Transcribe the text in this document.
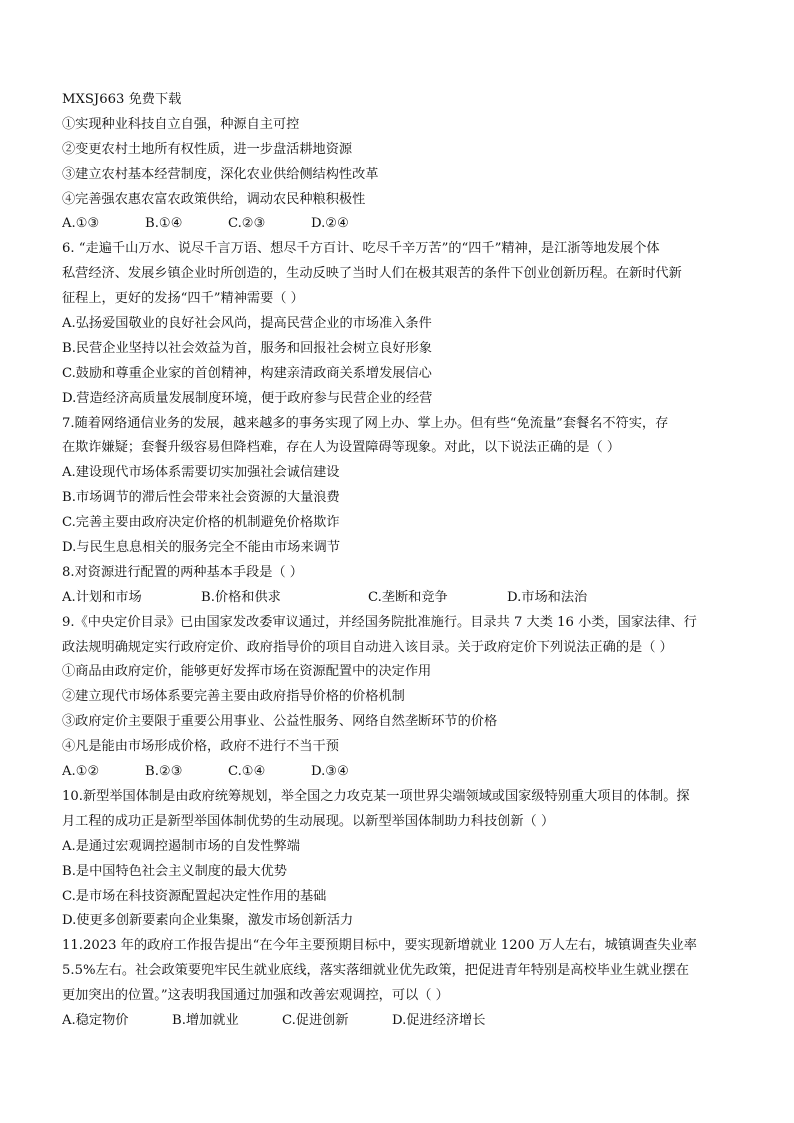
MXSJ663 免费下载
①实现种业科技自立自强，种源自主可控
②变更农村土地所有权性质，进一步盘活耕地资源
③建立农村基本经营制度，深化农业供给侧结构性改革
④完善强农惠农富农政策供给，调动农民种粮积极性
A.①③	B.①④	C.②③	D.②④
6. “走遍千山万水、说尽千言万语、想尽千方百计、吃尽千辛万苦”的“四千”精神，是江浙等地发展个体
私营经济、发展乡镇企业时所创造的，生动反映了当时人们在极其艰苦的条件下创业创新历程。在新时代新
征程上，更好的发扬“四千”精神需要（ ）
A.弘扬爱国敬业的良好社会风尚，提高民营企业的市场准入条件
B.民营企业坚持以社会效益为首，服务和回报社会树立良好形象
C.鼓励和尊重企业家的首创精神，构建亲清政商关系增发展信心
D.营造经济高质量发展制度环境，便于政府参与民营企业的经营
7.随着网络通信业务的发展，越来越多的事务实现了网上办、掌上办。但有些“免流量”套餐名不符实，存
在欺诈嫌疑；套餐升级容易但降档难，存在人为设置障碍等现象。对此，以下说法正确的是（ ）
A.建设现代市场体系需要切实加强社会诚信建设
B.市场调节的滞后性会带来社会资源的大量浪费
C.完善主要由政府决定价格的机制避免价格欺诈
D.与民生息息相关的服务完全不能由市场来调节
8.对资源进行配置的两种基本手段是（ ）
A.计划和市场	B.价格和供求	C.垄断和竞争	D.市场和法治
9.《中央定价目录》已由国家发改委审议通过，并经国务院批准施行。目录共 7 大类 16 小类，国家法律、行
政法规明确规定实行政府定价、政府指导价的项目自动进入该目录。关于政府定价下列说法正确的是（ ）
①商品由政府定价，能够更好发挥市场在资源配置中的决定作用
②建立现代市场体系要完善主要由政府指导价格的价格机制
③政府定价主要限于重要公用事业、公益性服务、网络自然垄断环节的价格
④凡是能由市场形成价格，政府不进行不当干预
A.①②	B.②③	C.①④	D.③④
10.新型举国体制是由政府统筹规划，举全国之力攻克某一项世界尖端领域或国家级特别重大项目的体制。探
月工程的成功正是新型举国体制优势的生动展现。以新型举国体制助力科技创新（ ）
A.是通过宏观调控遏制市场的自发性弊端
B.是中国特色社会主义制度的最大优势
C.是市场在科技资源配置起决定性作用的基础
D.使更多创新要素向企业集聚，激发市场创新活力
11.2023 年的政府工作报告提出“在今年主要预期目标中，要实现新增就业 1200 万人左右，城镇调查失业率
5.5%左右。社会政策要兜牢民生就业底线，落实落细就业优先政策，把促进青年特别是高校毕业生就业摆在
更加突出的位置。”这表明我国通过加强和改善宏观调控，可以（ ）
A.稳定物价	B.增加就业	C.促进创新	D.促进经济增长
